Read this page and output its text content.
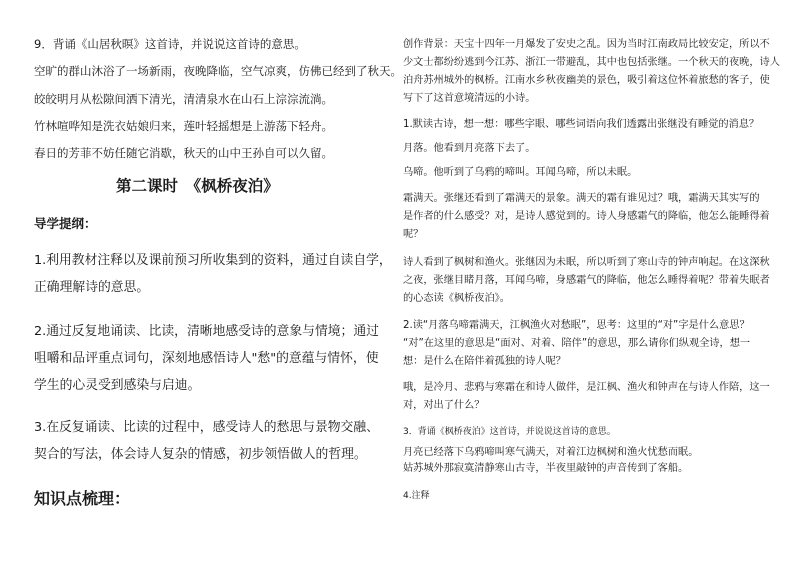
9．背诵《山居秋暝》这首诗，并说说这首诗的意思。
空旷的群山沐浴了一场新雨，夜晚降临，空气凉爽，仿佛已经到了秋天。
皎皎明月从松隙间洒下清光，清清泉水在山石上淙淙流淌。
竹林喧哗知是洗衣姑娘归来，莲叶轻摇想是上游荡下轻舟。
春日的芳菲不妨任随它消歇，秋天的山中王孙自可以久留。
第二课时　《枫桥夜泊》
导学提纲：
1.利用教材注释以及课前预习所收集到的资料，通过自读自学，
正确理解诗的意思。
2.通过反复地诵读、比读，清晰地感受诗的意象与情境；通过
咀嚼和品评重点词句，深刻地感悟诗人"愁"的意蕴与情怀，使
学生的心灵受到感染与启迪。
3.在反复诵读、比读的过程中，感受诗人的愁思与景物交融、
契合的写法，体会诗人复杂的情感，初步领悟做人的哲理。
知识点梳理：
创作背景：天宝十四年一月爆发了安史之乱。因为当时江南政局比较安定，所以不
少文士都纷纷逃到今江苏、浙江一带避乱，其中也包括张继。一个秋天的夜晚，诗人
泊舟苏州城外的枫桥。江南水乡秋夜幽美的景色，吸引着这位怀着旅愁的客子，使
写下了这首意境清远的小诗。
1.默读古诗，想一想：哪些字眼、哪些词语向我们透露出张继没有睡觉的消息？
月落。他看到月亮落下去了。
乌啼。他听到了乌鸦的啼叫。耳闻乌啼，所以未眠。
霜满天。张继还看到了霜满天的景象。满天的霜有谁见过？哦，霜满天其实写的
是作者的什么感受？对，是诗人感觉到的。诗人身感霜气的降临，他怎么能睡得着
呢？
诗人看到了枫树和渔火。张继因为未眠，所以听到了寒山寺的钟声响起。在这深秋
之夜，张继目睹月落，耳闻乌啼，身感霜气的降临，他怎么睡得着呢？带着失眠者
的心态读《枫桥夜泊》。
2.读“月落乌啼霜满天，江枫渔火对愁眠”，思考：这里的“对”字是什么意思？
“对”在这里的意思是“面对、对着、陪伴”的意思，那么请你们纵观全诗，想一
想：是什么在陪伴着孤独的诗人呢？
哦，是冷月、悲鸦与寒霜在和诗人做伴，是江枫、渔火和钟声在与诗人作陪，这一
对，对出了什么？
3．背诵《枫桥夜泊》这首诗，并说说这首诗的意思。
月亮已经落下乌鸦啼叫寒气满天，对着江边枫树和渔火忧愁而眠。
姑苏城外那寂寞清静寒山古寺，半夜里敲钟的声音传到了客船。
4.注释
